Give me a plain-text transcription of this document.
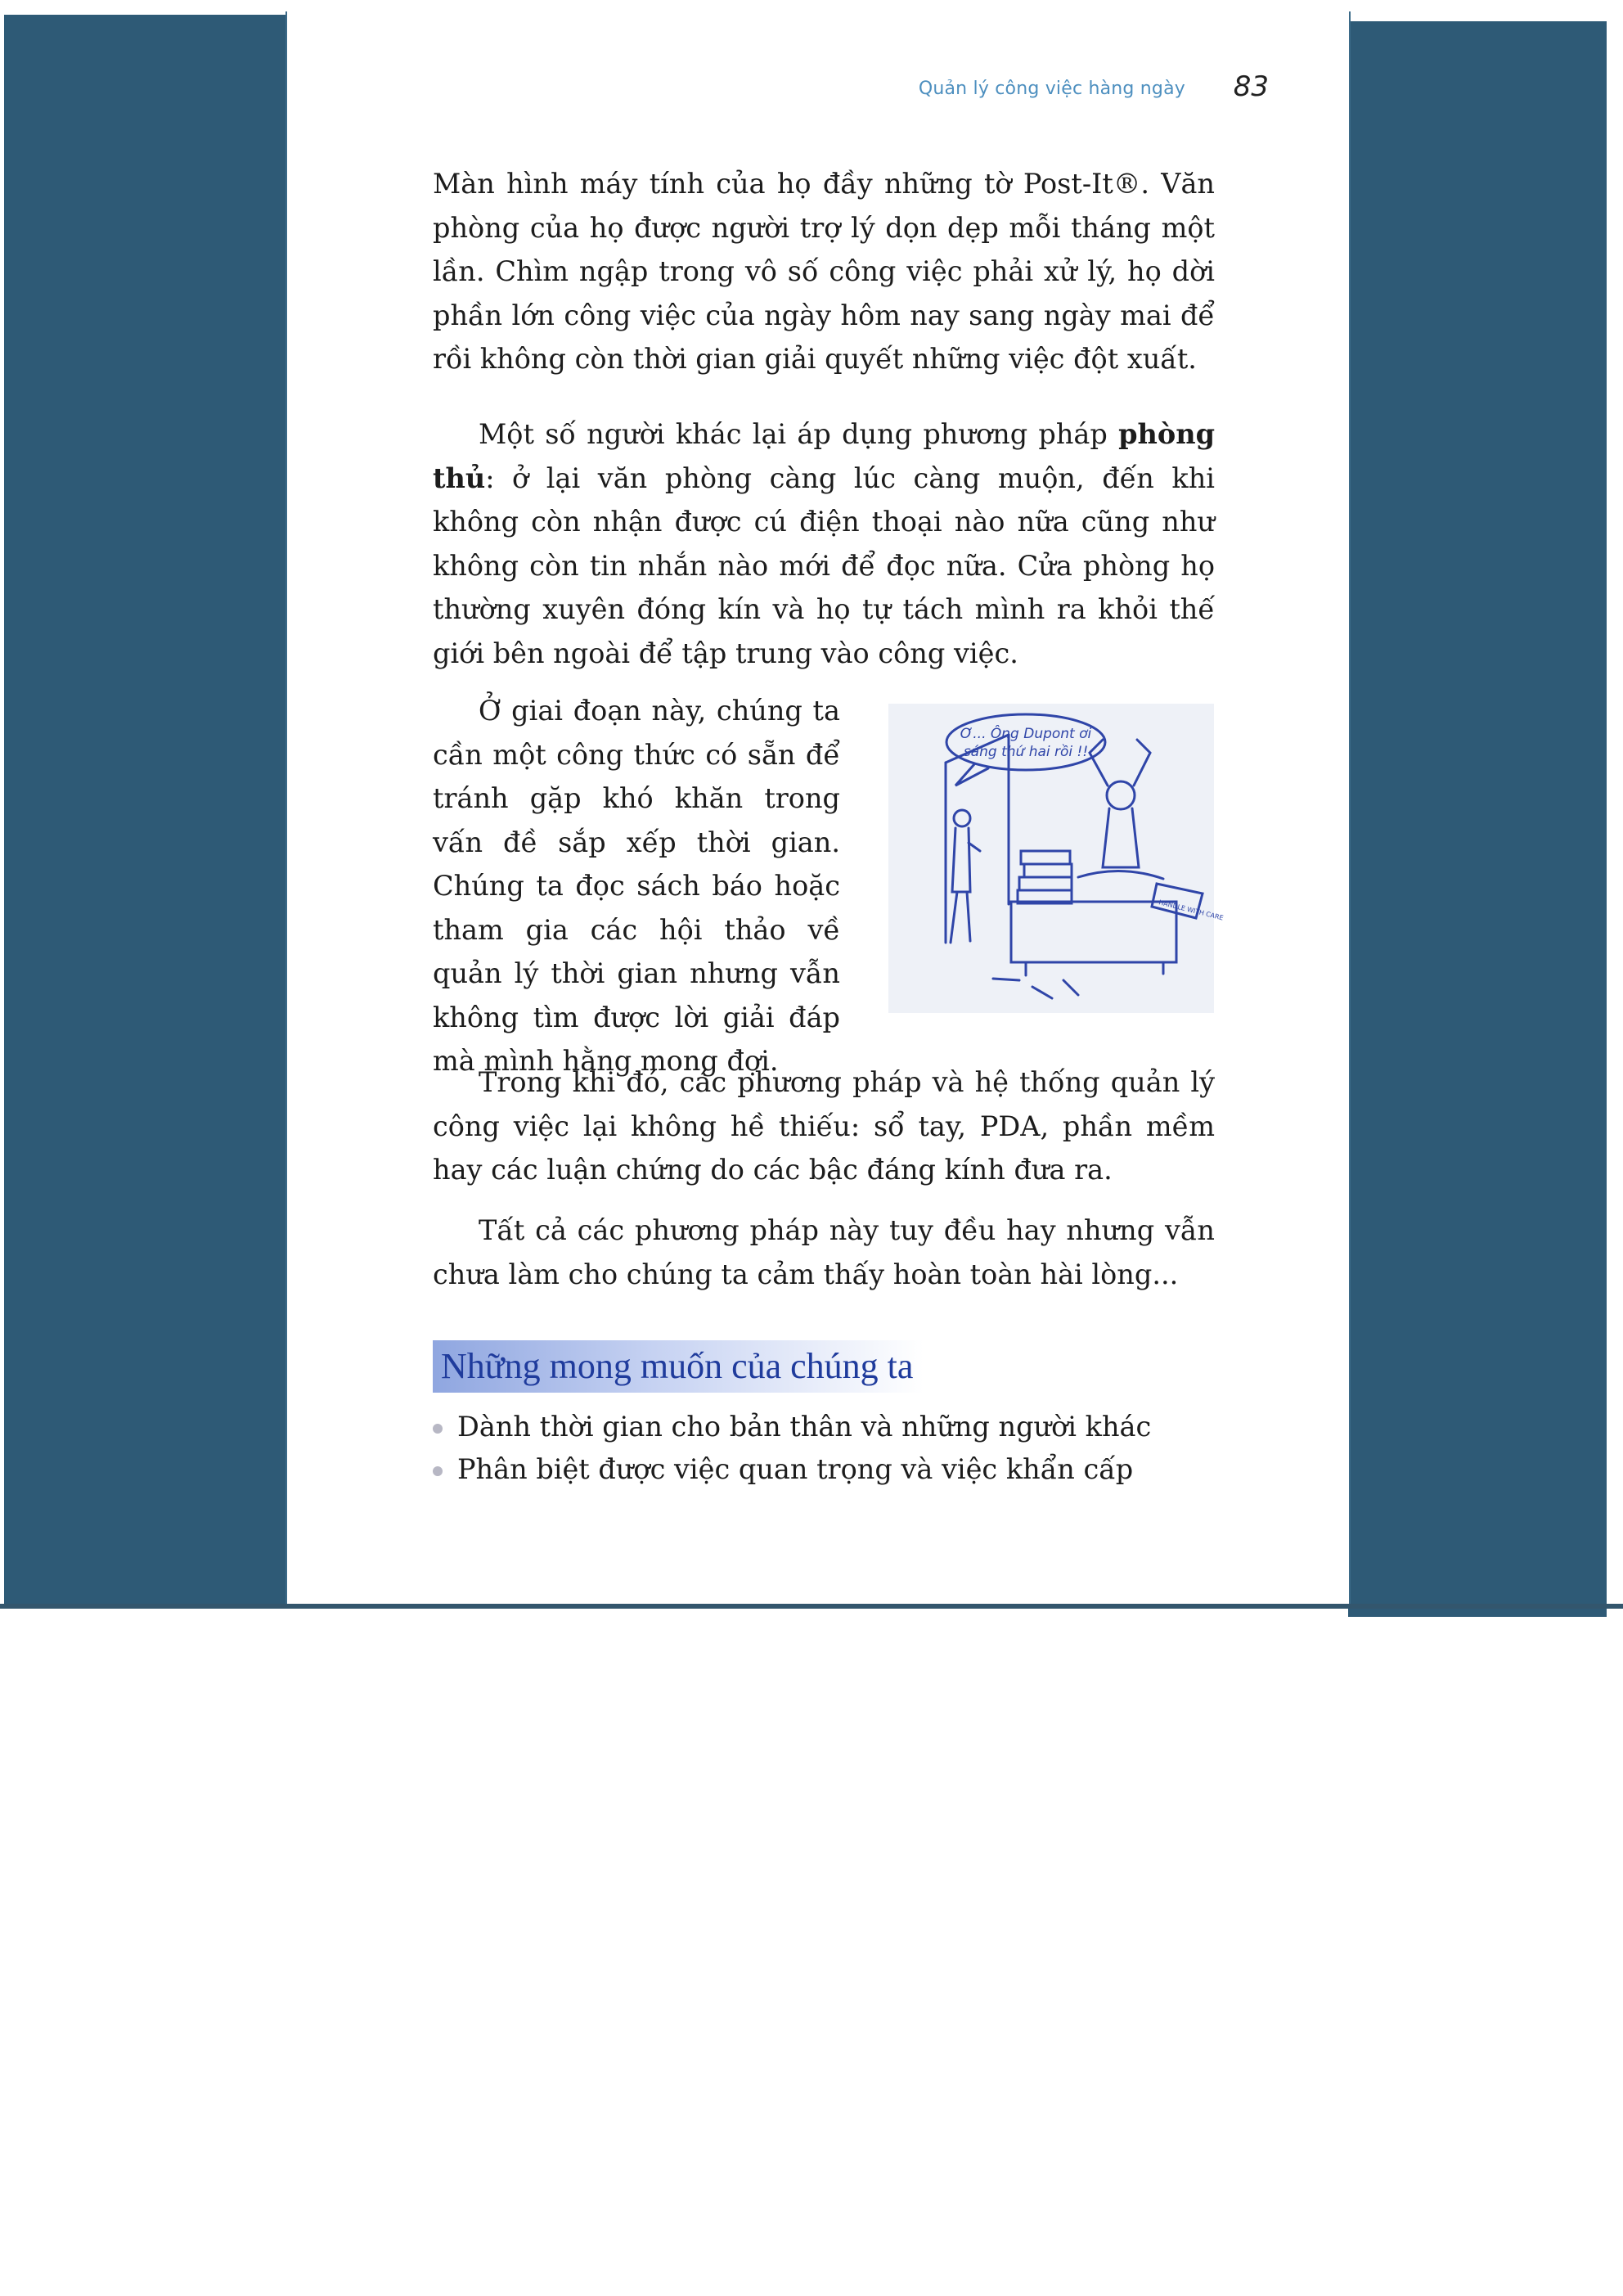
Quản lý công việc hàng ngày 83

Màn hình máy tính của họ đầy những tờ Post-It®. Văn phòng của họ được người trợ lý dọn dẹp mỗi tháng một lần. Chìm ngập trong vô số công việc phải xử lý, họ dời phần lớn công việc của ngày hôm nay sang ngày mai để rồi không còn thời gian giải quyết những việc đột xuất.

Một số người khác lại áp dụng phương pháp phòng thủ: ở lại văn phòng càng lúc càng muộn, đến khi không còn nhận được cú điện thoại nào nữa cũng như không còn tin nhắn nào mới để đọc nữa. Cửa phòng họ thường xuyên đóng kín và họ tự tách mình ra khỏi thế giới bên ngoài để tập trung vào công việc.

Ở giai đoạn này, chúng ta cần một công thức có sẵn để tránh gặp khó khăn trong vấn đề sắp xếp thời gian. Chúng ta đọc sách báo hoặc tham gia các hội thảo về quản lý thời gian nhưng vẫn không tìm được lời giải đáp mà mình hằng mong đợi.

Ơ... Ông Dupont ơi
sáng thứ hai rồi !!
HANDLE WITH CARE

Trong khi đó, các phương pháp và hệ thống quản lý công việc lại không hề thiếu: sổ tay, PDA, phần mềm hay các luận chứng do các bậc đáng kính đưa ra.

Tất cả các phương pháp này tuy đều hay nhưng vẫn chưa làm cho chúng ta cảm thấy hoàn toàn hài lòng...

Những mong muốn của chúng ta
Dành thời gian cho bản thân và những người khác
Phân biệt được việc quan trọng và việc khẩn cấp
